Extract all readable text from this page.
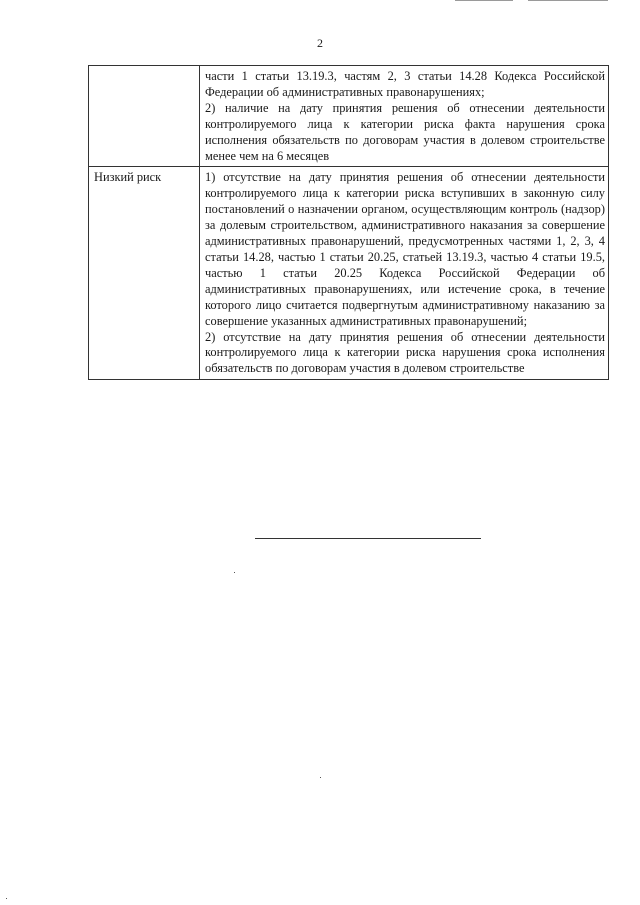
2

	части 1 статьи 13.19.3, частям 2, 3 статьи 14.28 Кодекса Российской Федерации об административных правонарушениях;

2) наличие на дату принятия решения об отнесении деятельности контролируемого лица к категории риска факта нарушения срока исполнения обязательств по договорам участия в долевом строительстве менее чем на 6 месяцев

Низкий риск	1) отсутствие на дату принятия решения об отнесении деятельности контролируемого лица к категории риска вступивших в законную силу постановлений о назначении органом, осуществляющим контроль (надзор) за долевым строительством, административного наказания за совершение административных правонарушений, предусмотренных частями 1, 2, 3, 4 статьи 14.28, частью 1 статьи 20.25, статьей 13.19.3, частью 4 статьи 19.5, частью 1 статьи 20.25 Кодекса Российской Федерации об административных правонарушениях, или истечение срока, в течение которого лицо считается подвергнутым административному наказанию за совершение указанных административных правонарушений;

2) отсутствие на дату принятия решения об отнесении деятельности контролируемого лица к категории риска нарушения срока исполнения обязательств по договорам участия в долевом строительстве
